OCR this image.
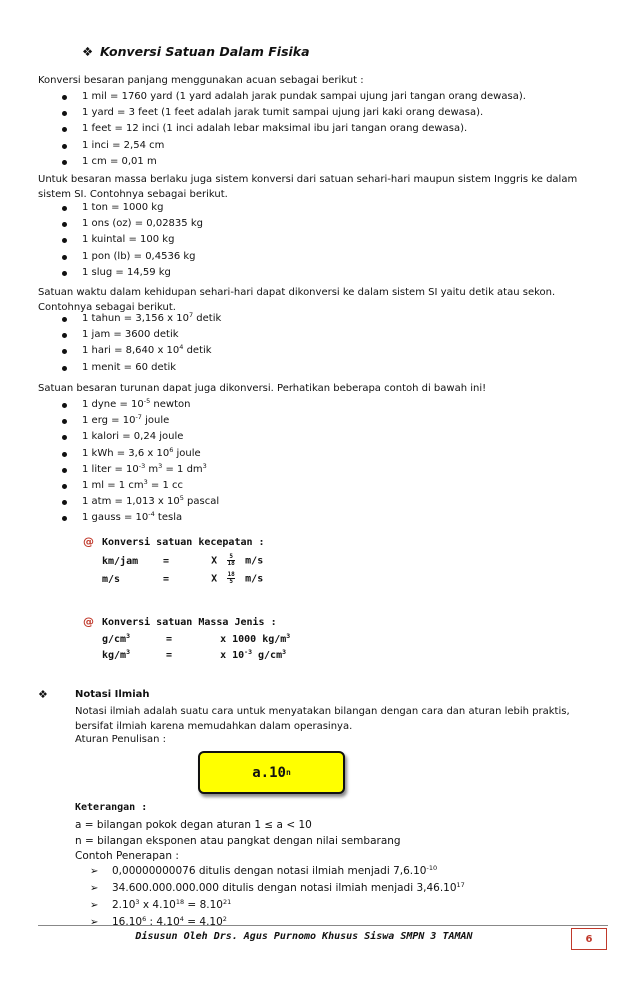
❖ Konversi Satuan Dalam Fisika
Konversi besaran panjang menggunakan acuan sebagai berikut :
1 mil = 1760 yard (1 yard adalah jarak pundak sampai ujung jari tangan orang dewasa).
1 yard = 3 feet (1 feet adalah jarak tumit sampai ujung jari kaki orang dewasa).
1 feet = 12 inci (1 inci adalah lebar maksimal ibu jari tangan orang dewasa).
1 inci = 2,54 cm
1 cm = 0,01 m
Untuk besaran massa berlaku juga sistem konversi dari satuan sehari-hari maupun sistem Inggris ke dalam sistem SI. Contohnya sebagai berikut.
1 ton = 1000 kg
1 ons (oz) = 0,02835 kg
1 kuintal = 100 kg
1 pon (lb) = 0,4536 kg
1 slug = 14,59 kg
Satuan waktu dalam kehidupan sehari-hari dapat dikonversi ke dalam sistem SI yaitu detik atau sekon. Contohnya sebagai berikut.
1 tahun = 3,156 x $10^7$ detik
1 jam = 3600 detik
1 hari = 8,640 x $10^4$ detik
1 menit = 60 detik
Satuan besaran turunan dapat juga dikonversi. Perhatikan beberapa contoh di bawah ini!
1 dyne = $10^{-5}$ newton
1 erg = $10^{-7}$ joule
1 kalori = 0,24 joule
1 kWh = 3,6 x $10^6$ joule
1 liter = $10^{-3}$ $m^3 = 1$ $dm^3$
1 ml = 1 $cm^3 = 1$ cc
1 atm = 1,013 x $10^5$ pascal
1 gauss = $10^{-4}$ tesla
@ Konversi satuan kecepatan :
km/jam =	X $\frac{5}{18} m/s$
m/s	=	X $\frac{18}{5} m/s$
@ Konversi satuan Massa Jenis :
$g/cm^3$	=	x 1000 $kg/m^3$
$kg/m^3$	=	x $10^{-3}$ $g/cm^3$
❖	Notasi Ilmiah
Notasi ilmiah adalah suatu cara untuk menyatakan bilangan dengan cara dan aturan lebih praktis, bersifat ilmiah karena memudahkan dalam operasinya.
Aturan Penulisan :
a.10 n
Keterangan :
a = bilangan pokok degan aturan 1 ≤ a < 10
n = bilangan eksponen atau pangkat dengan nilai sembarang
Contoh Penerapan :
➢ 0,00000000076 ditulis dengan notasi ilmiah menjadi $7,6.10^{-10}$
➢ 34.600.000.000.000 ditulis dengan notasi ilmiah menjadi 3,46.10$^{17}$
➢ 2.10$^3$ x $4.10^{18} = 8.10^{21}$
➢ 16.10$^6$ : $4.10^4 = 4.10^2$
Disusun Oleh Drs. Agus Purnomo Khusus Siswa SMPN 3 TAMAN	6
